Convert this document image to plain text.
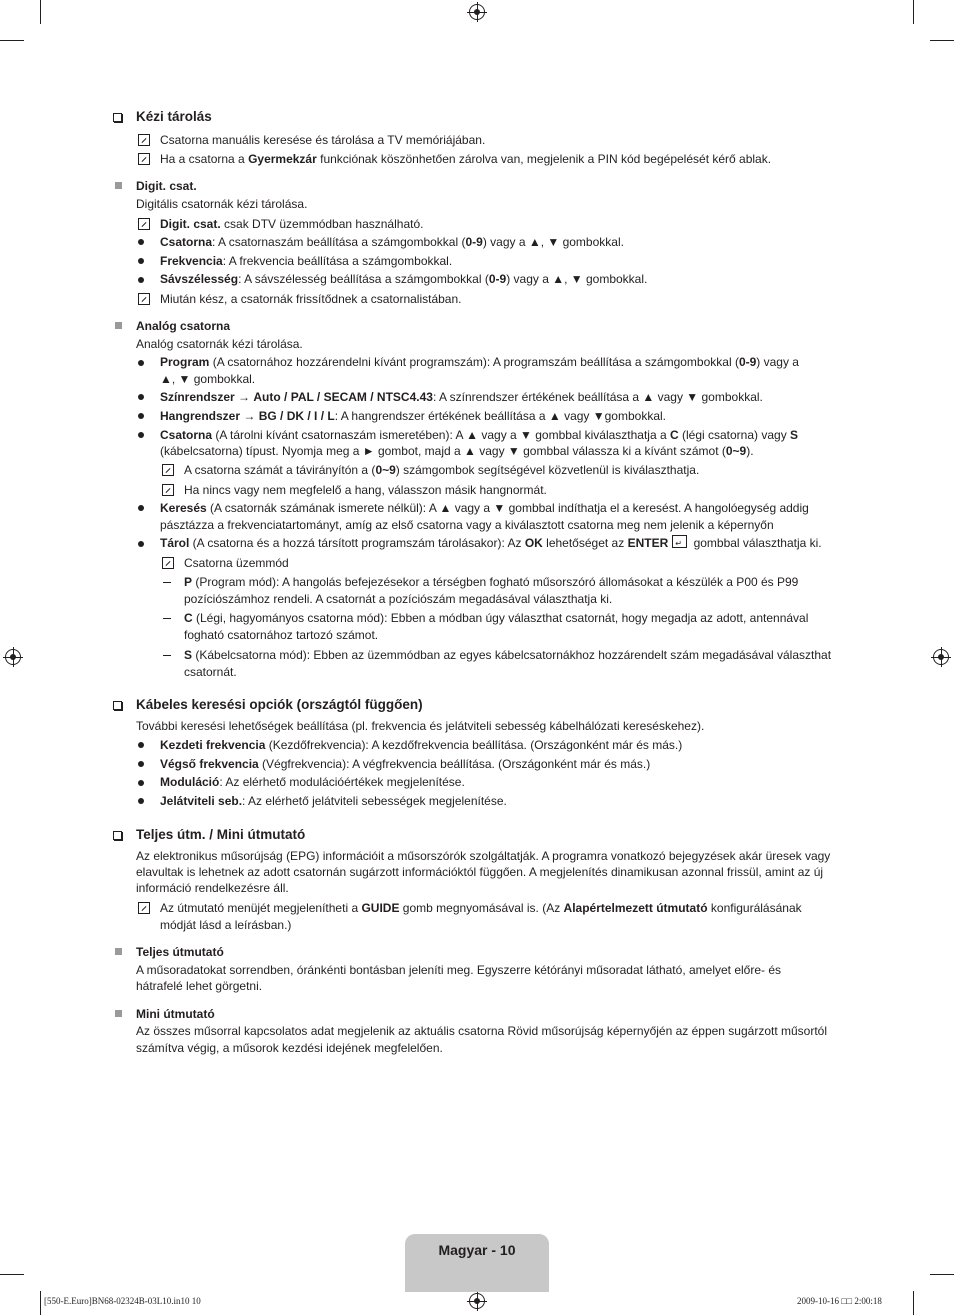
Kézi tárolás
Csatorna manuális keresése és tárolása a TV memóriájában.
Ha a csatorna a Gyermekzár funkciónak köszönhetően zárolva van, megjelenik a PIN kód begépelését kérő ablak.
Digit. csat.
Digitális csatornák kézi tárolása.
Digit. csat. csak DTV üzemmódban használható.
Csatorna: A csatornaszám beállítása a számgombokkal (0-9) vagy a ▲, ▼ gombokkal.
Frekvencia: A frekvencia beállítása a számgombokkal.
Sávszélesség: A sávszélesség beállítása a számgombokkal (0-9) vagy a ▲, ▼ gombokkal.
Miután kész, a csatornák frissítődnek a csatornalistában.
Analóg csatorna
Analóg csatornák kézi tárolása.
Program (A csatornához hozzárendelni kívánt programszám): A programszám beállítása a számgombokkal (0-9) vagy a
▲, ▼ gombokkal.
Színrendszer → Auto / PAL / SECAM / NTSC4.43: A színrendszer értékének beállítása a ▲ vagy ▼ gombokkal.
Hangrendszer → BG / DK / I / L: A hangrendszer értékének beállítása a ▲ vagy ▼gombokkal.
Csatorna (A tárolni kívánt csatornaszám ismeretében): A ▲ vagy a ▼ gombbal kiválaszthatja a C (légi csatorna) vagy S
(kábelcsatorna) típust. Nyomja meg a ► gombot, majd a ▲ vagy ▼ gombbal válassza ki a kívánt számot (0~9).
A csatorna számát a távirányítón a (0~9) számgombok segítségével közvetlenül is kiválaszthatja.
Ha nincs vagy nem megfelelő a hang, válasszon másik hangnormát.
Keresés (A csatornák számának ismerete nélkül): A ▲ vagy a ▼ gombbal indíthatja el a keresést. A hangolóegység addig
pásztázza a frekvenciatartományt, amíg az első csatorna vagy a kiválasztott csatorna meg nem jelenik a képernyőn
Tárol (A csatorna és a hozzá társított programszám tárolásakor): Az OK lehetőséget az ENTER ↵ gombbal választhatja ki.
Csatorna üzemmód
P (Program mód): A hangolás befejezésekor a térségben fogható műsorszóró állomásokat a készülék a P00 és P99
pozíciószámhoz rendeli. A csatornát a pozíciószám megadásával választhatja ki.
C (Légi, hagyományos csatorna mód): Ebben a módban úgy választhat csatornát, hogy megadja az adott, antennával
fogható csatornához tartozó számot.
S (Kábelcsatorna mód): Ebben az üzemmódban az egyes kábelcsatornákhoz hozzárendelt szám megadásával választhat
csatornát.
Kábeles keresési opciók (országtól függően)
További keresési lehetőségek beállítása (pl. frekvencia és jelátviteli sebesség kábelhálózati kereséskehez).
Kezdeti frekvencia (Kezdőfrekvencia): A kezdőfrekvencia beállítása. (Országonként már és más.)
Végső frekvencia (Végfrekvencia): A végfrekvencia beállítása. (Országonként már és más.)
Moduláció: Az elérhető modulációértékek megjelenítése.
Jelátviteli seb.: Az elérhető jelátviteli sebességek megjelenítése.
Teljes útm. / Mini útmutató
Az elektronikus műsorújság (EPG) információit a műsorszórók szolgáltatják. A programra vonatkozó bejegyzések akár üresek vagy
elavultak is lehetnek az adott csatornán sugárzott információktól függően. A megjelenítés dinamikusan azonnal frissül, amint az új
információ rendelkezésre áll.
Az útmutató menüjét megjelenítheti a GUIDE gomb megnyomásával is. (Az Alapértelmezett útmutató konfigurálásának
módját lásd a leírásban.)
Teljes útmutató
A műsoradatokat sorrendben, óránkénti bontásban jeleníti meg. Egyszerre kétórányi műsoradat látható, amelyet előre- és
hátrafelé lehet görgetni.
Mini útmutató
Az összes műsorral kapcsolatos adat megjelenik az aktuális csatorna Rövid műsorújság képernyőjén az éppen sugárzott műsortól
számítva végig, a műsorok kezdési idejének megfelelően.
Magyar - 10
[550-E.Euro]BN68-02324B-03L10.in10 10	2009-10-16 □□ 2:00:18
